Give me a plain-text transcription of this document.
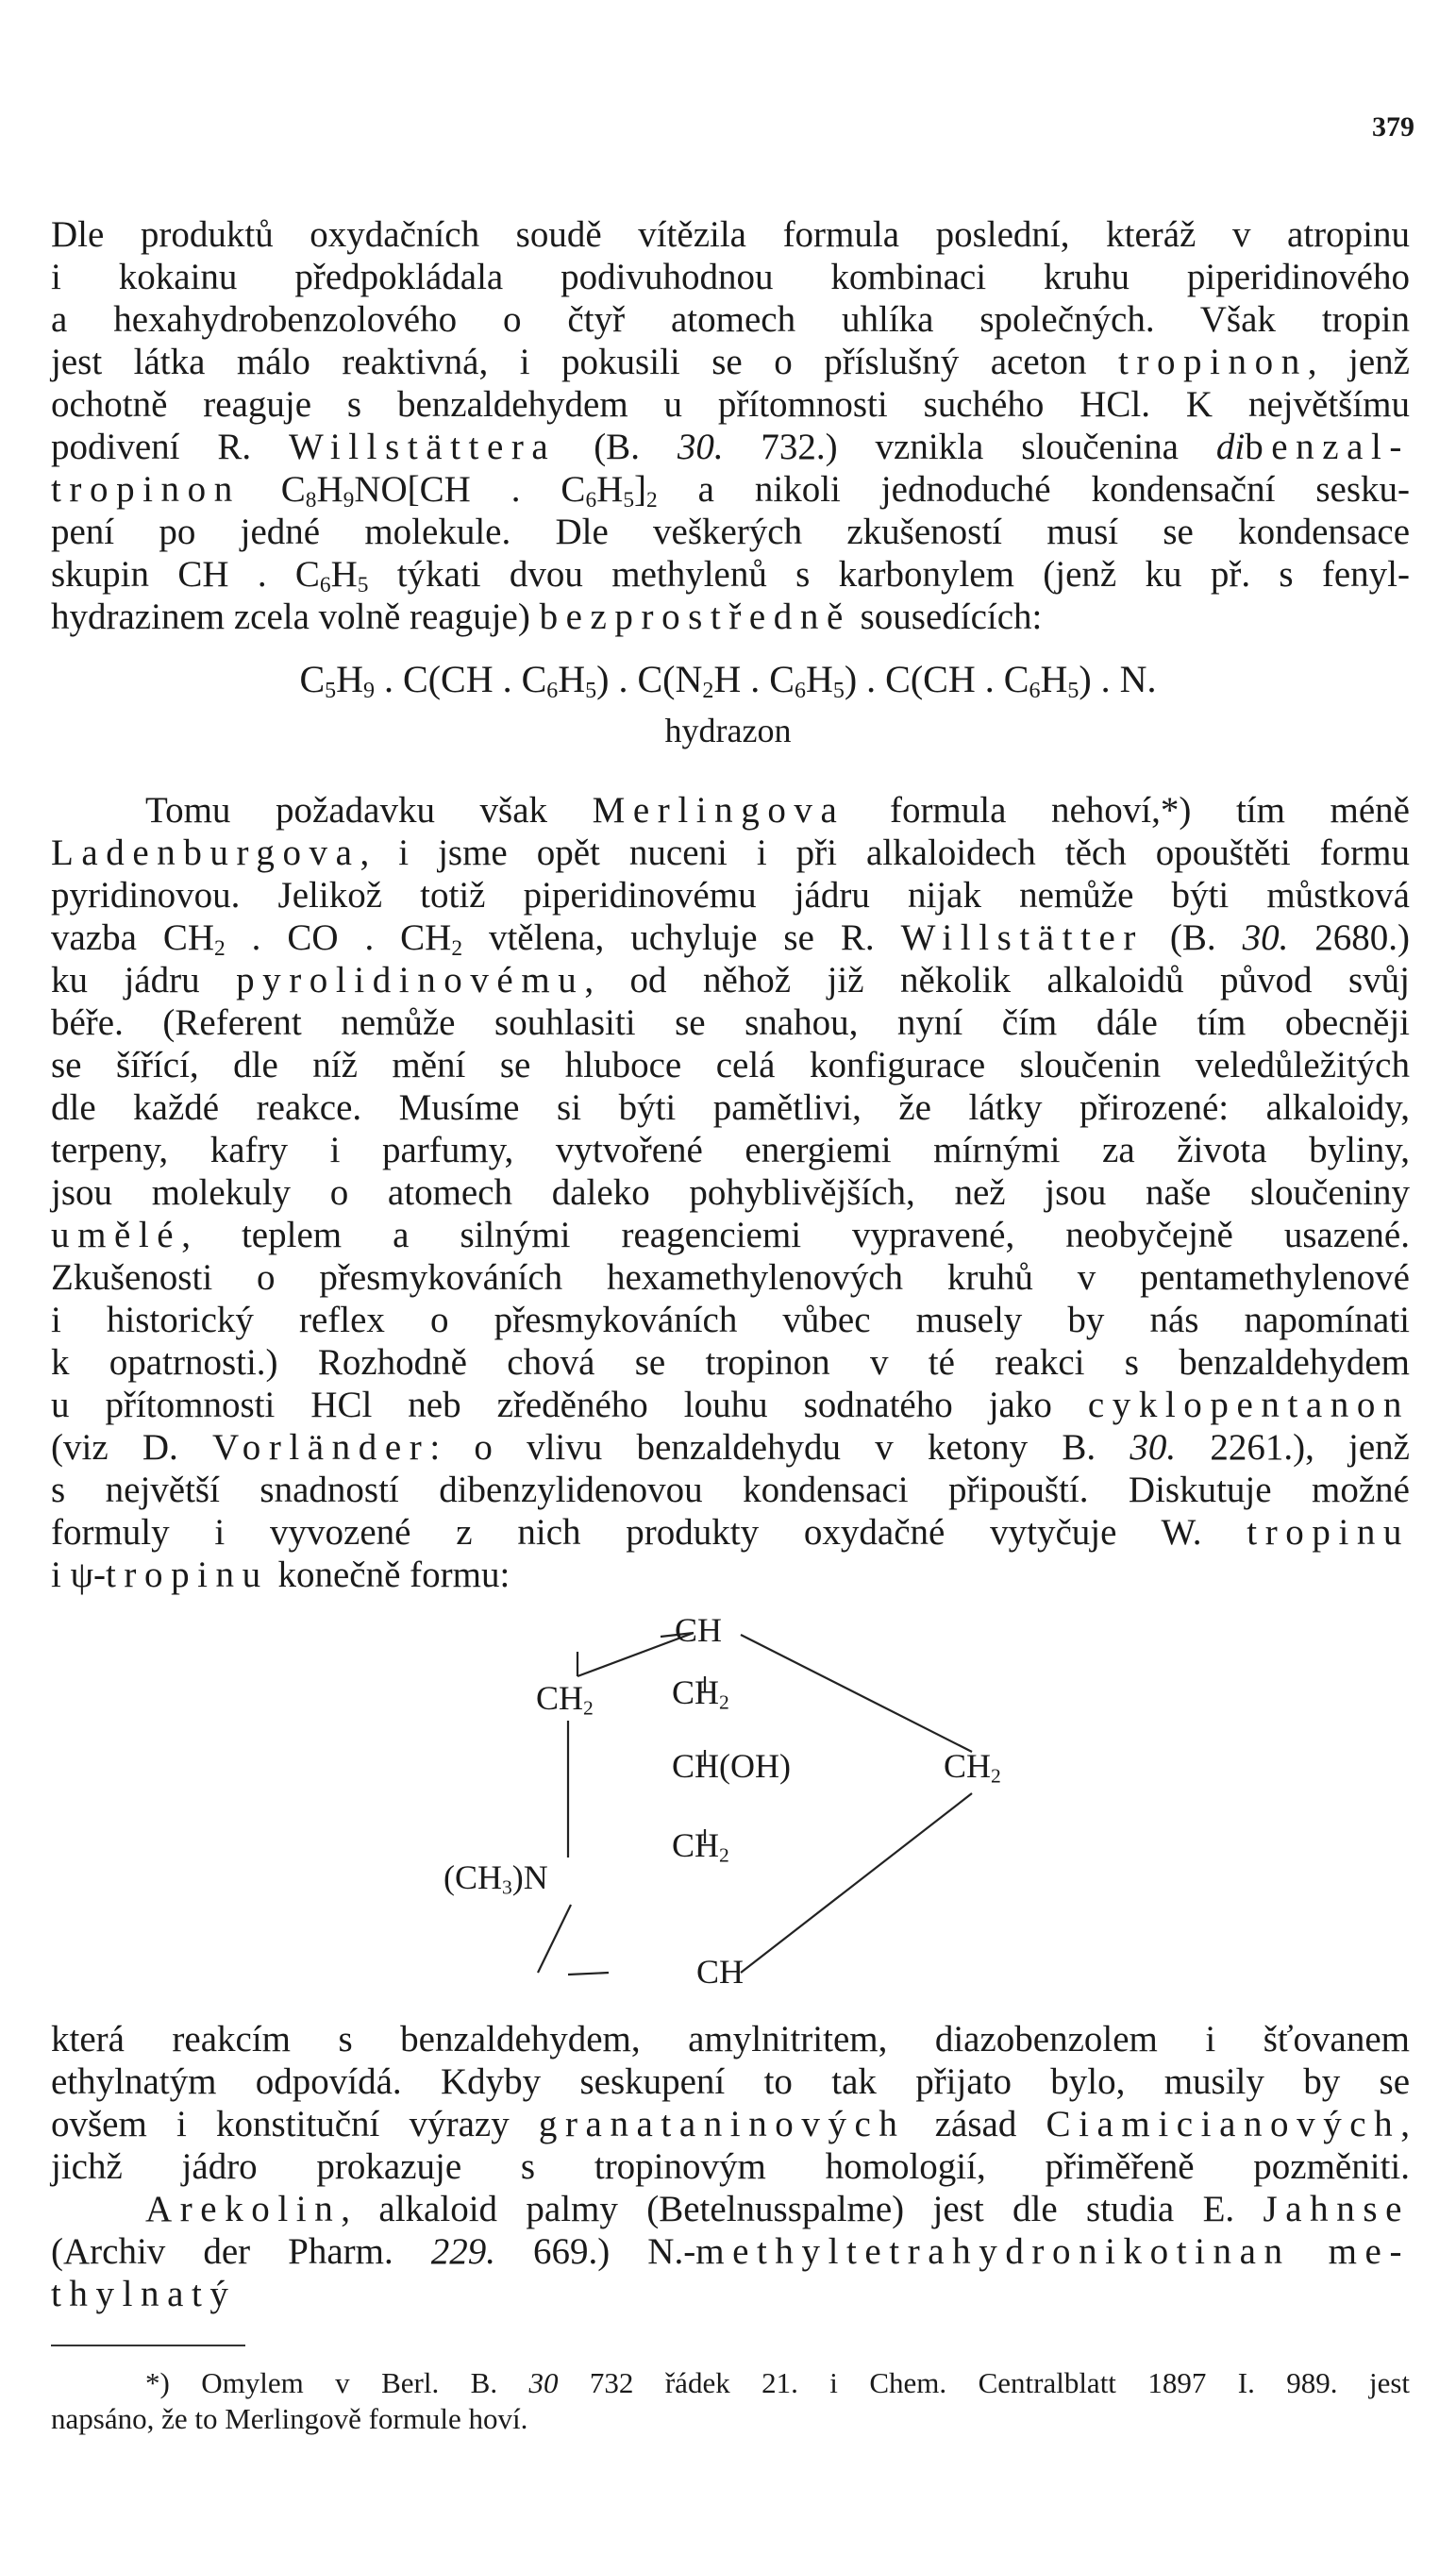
379
Dle produktů oxydačních soudě vítězila formula poslední, kteráž v atropinu
i kokainu předpokládala podivuhodnou kombinaci kruhu piperidinového
a hexahydrobenzolového o čtyř atomech uhlíka společných. Však tropin
jest látka málo reaktivná, i pokusili se o příslušný aceton tropinon, jenž
ochotně reaguje s benzaldehydem u přítomnosti suchého HCl. K největšímu
podivení R. Willstättera (B. 30. 732.) vznikla sloučenina dibenzal-
tropinon $C_8H_9NO[CH$ . $C_6H_5]_2$ a nikoli jednoduché kondensační sesku-
pení po jedné molekule. Dle veškerých zkušeností musí se kondensace
skupin CH . $C_6H_5$ týkati dvou methylenů s karbonylem (jenž ku př. s fenyl-
hydrazinem zcela volně reaguje) bezprostředně sousedících:
$C_5H_9$ . C(CH . $C_6H_5$) . $C(N_2H$ . $C_6H_5$) . C(CH . $C_6H_5$) . N.
hydrazon
Tomu požadavku však Merlingova formula nehoví,*) tím méně
Ladenburgova, i jsme opět nuceni i při alkaloidech těch opouštěti formu
pyridinovou. Jelikož totiž piperidinovému jádru nijak nemůže býti můstková
vazba $CH_2$ . CO . $CH_2$ vtělena, uchyluje se R. Willstätter (B. 30. 2680.)
ku jádru pyrolidinovému, od něhož již několik alkaloidů původ svůj
béře. (Referent nemůže souhlasiti se snahou, nyní čím dále tím obecněji
se šířící, dle níž mění se hluboce celá konfigurace sloučenin veledůležitých
dle každé reakce. Musíme si býti pamětlivi, že látky přirozené: alkaloidy,
terpeny, kafry i parfumy, vytvořené energiemi mírnými za života byliny,
jsou molekuly o atomech daleko pohyblivějších, než jsou naše sloučeniny
umělé, teplem a silnými reagenciemi vypravené, neobyčejně usazené.
Zkušenosti o přesmykováních hexamethylenových kruhů v pentamethylenové
i historický reflex o přesmykováních vůbec musely by nás napomínati
k opatrnosti.) Rozhodně chová se tropinon v té reakci s benzaldehydem
u přítomnosti HCl neb zředěného louhu sodnatého jako cyklopentanon
(viz D. Vorländer: o vlivu benzaldehydu v ketony B. 30. 2261.), jenž
s největší snadností dibenzylidenovou kondensaci připouští. Diskutuje možné
formuly i vyvozené z nich produkty oxydačné vytyčuje W. tropinu
i ψ-tropinu konečně formu:
CH
$CH_2$ $CH_2$
CH(OH)	$CH_2$
$(CH_3)N$
$CH_2$
CH
která reakcím s benzaldehydem, amylnitritem, diazobenzolem i šťovanem
ethylnatým odpovídá. Kdyby seskupení to tak přijato bylo, musily by se
ovšem i konstituční výrazy granataninových zásad Ciamicianových,
jichž jádro prokazuje s tropinovým homologií, přiměřeně pozměniti.
Arekolin, alkaloid palmy (Betelnusspalme) jest dle studia E. Jahnse
(Archiv der Pharm. 229. 669.) N.-methyltetrahydronikotinan me-
thylnatý
*) Omylem v Berl. B. 30 732 řádek 21. i Chem. Centralblatt 1897 I. 989. jest
napsáno, že to Merlingově formule hoví.
